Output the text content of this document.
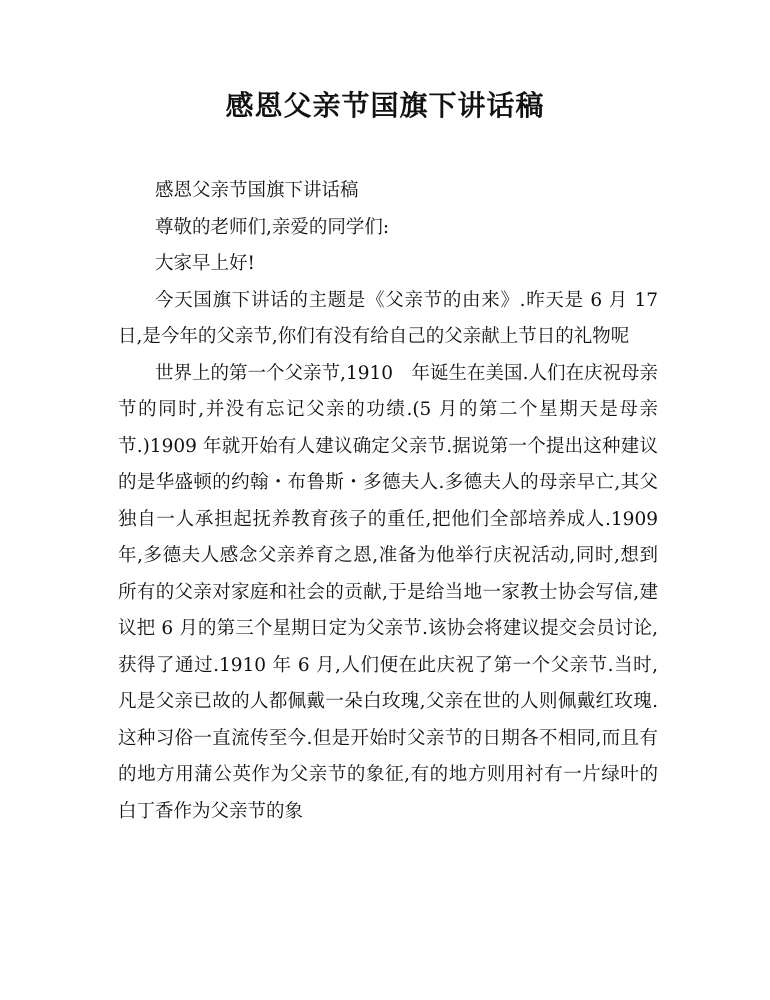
感恩父亲节国旗下讲话稿

感恩父亲节国旗下讲话稿

尊敬的老师们,亲爱的同学们:

大家早上好!

今天国旗下讲话的主题是《父亲节的由来》.昨天是 6 月 17 日,是今年的父亲节,你们有没有给自己的父亲献上节日的礼物呢

世界上的第一个父亲节,1910　年诞生在美国.人们在庆祝母亲节的同时,并没有忘记父亲的功绩.(5 月的第二个星期天是母亲节.)1909 年就开始有人建议确定父亲节.据说第一个提出这种建议的是华盛顿的约翰・布鲁斯・多德夫人.多德夫人的母亲早亡,其父独自一人承担起抚养教育孩子的重任,把他们全部培养成人.1909 年,多德夫人感念父亲养育之恩,准备为他举行庆祝活动,同时,想到所有的父亲对家庭和社会的贡献,于是给当地一家教士协会写信,建议把 6 月的第三个星期日定为父亲节.该协会将建议提交会员讨论,获得了通过.1910 年 6 月,人们便在此庆祝了第一个父亲节.当时,凡是父亲已故的人都佩戴一朵白玫瑰,父亲在世的人则佩戴红玫瑰.这种习俗一直流传至今.但是开始时父亲节的日期各不相同,而且有的地方用蒲公英作为父亲节的象征,有的地方则用衬有一片绿叶的白丁香作为父亲节的象
